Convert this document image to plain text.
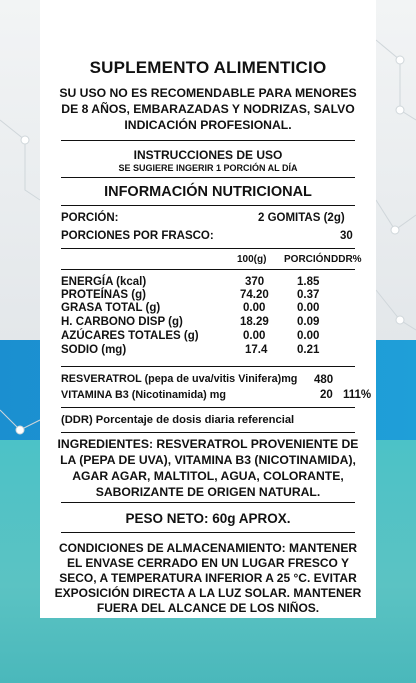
SUPLEMENTO ALIMENTICIO
SU USO NO ES RECOMENDABLE PARA MENORES DE 8 AÑOS, EMBARAZADAS Y NODRIZAS, SALVO INDICACIÓN PROFESIONAL.
INSTRUCCIONES DE USO
SE SUGIERE INGERIR 1 PORCIÓN AL DÍA
INFORMACIÓN NUTRICIONAL
PORCIÓN:	2 GOMITAS (2g)
PORCIONES POR FRASCO:	30
100(g) PORCIÓN DDR%
ENERGÍA (kcal)	370	1.85
PROTEÍNAS (g)	74.20 0.37
GRASA TOTAL (g)	0.00	0.00
H. CARBONO DISP (g)	18.29 0.09
AZÚCARES TOTALES (g)	0.00	0.00
SODIO (mg)	17.4	0.21
RESVERATROL (pepa de uva/vitis Vinifera)mg 480
VITAMINA B3 (Nicotinamida) mg	20 111%
(DDR) Porcentaje de dosis diaria referencial
INGREDIENTES: RESVERATROL PROVENIENTE DE LA (PEPA DE UVA), VITAMINA B3 (NICOTINAMIDA), AGAR AGAR, MALTITOL, AGUA, COLORANTE, SABORIZANTE DE ORIGEN NATURAL.
PESO NETO: 60g APROX.
CONDICIONES DE ALMACENAMIENTO: MANTENER EL ENVASE CERRADO EN UN LUGAR FRESCO Y SECO, A TEMPERATURA INFERIOR A 25 °C. EVITAR EXPOSICIÓN DIRECTA A LA LUZ SOLAR. MANTENER FUERA DEL ALCANCE DE LOS NIÑOS.
